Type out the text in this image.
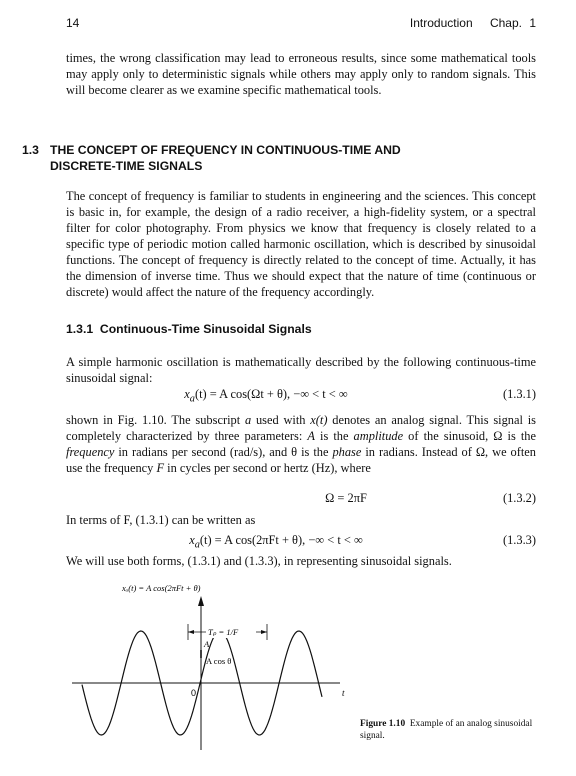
14	Introduction Chap. 1

times, the wrong classification may lead to erroneous results, since some mathematical tools may apply only to deterministic signals while others may apply only to random signals. This will become clearer as we examine specific mathematical tools.

1.3 THE CONCEPT OF FREQUENCY IN CONTINUOUS-TIME AND
DISCRETE-TIME SIGNALS

The concept of frequency is familiar to students in engineering and the sciences. This concept is basic in, for example, the design of a radio receiver, a high-fidelity system, or a spectral filter for color photography. From physics we know that frequency is closely related to a specific type of periodic motion called harmonic oscillation, which is described by sinusoidal functions. The concept of frequency is directly related to the concept of time. Actually, it has the dimension of inverse time. Thus we should expect that the nature of time (continuous or discrete) would affect the nature of the frequency accordingly.

1.3.1 Continuous-Time Sinusoidal Signals

A simple harmonic oscillation is mathematically described by the following continuous-time sinusoidal signal:

$x_a(t) = A$ cos(Ωt + θ), −∞ < t < ∞	(1.3.1)

shown in Fig. 1.10. The subscript a used with x(t) denotes an analog signal. This signal is completely characterized by three parameters: A is the amplitude of the sinusoid, Ω is the frequency in radians per second (rad/s), and θ is the phase in radians. Instead of Ω, we often use the frequency F in cycles per second or hertz (Hz), where

Ω = 2πF	(1.3.2)

In terms of F, (1.3.1) can be written as

$x_a(t) = A$ cos(2πFt + θ), −∞ < t < ∞	(1.3.3)

We will use both forms, (1.3.1) and (1.3.3), in representing sinusoidal signals.

xₐ(t) = A cos(2πFt + θ)
t
0
Tₚ = 1/F
A
A cos θ
Figure 1.10 Example of an analog sinusoidal signal.
